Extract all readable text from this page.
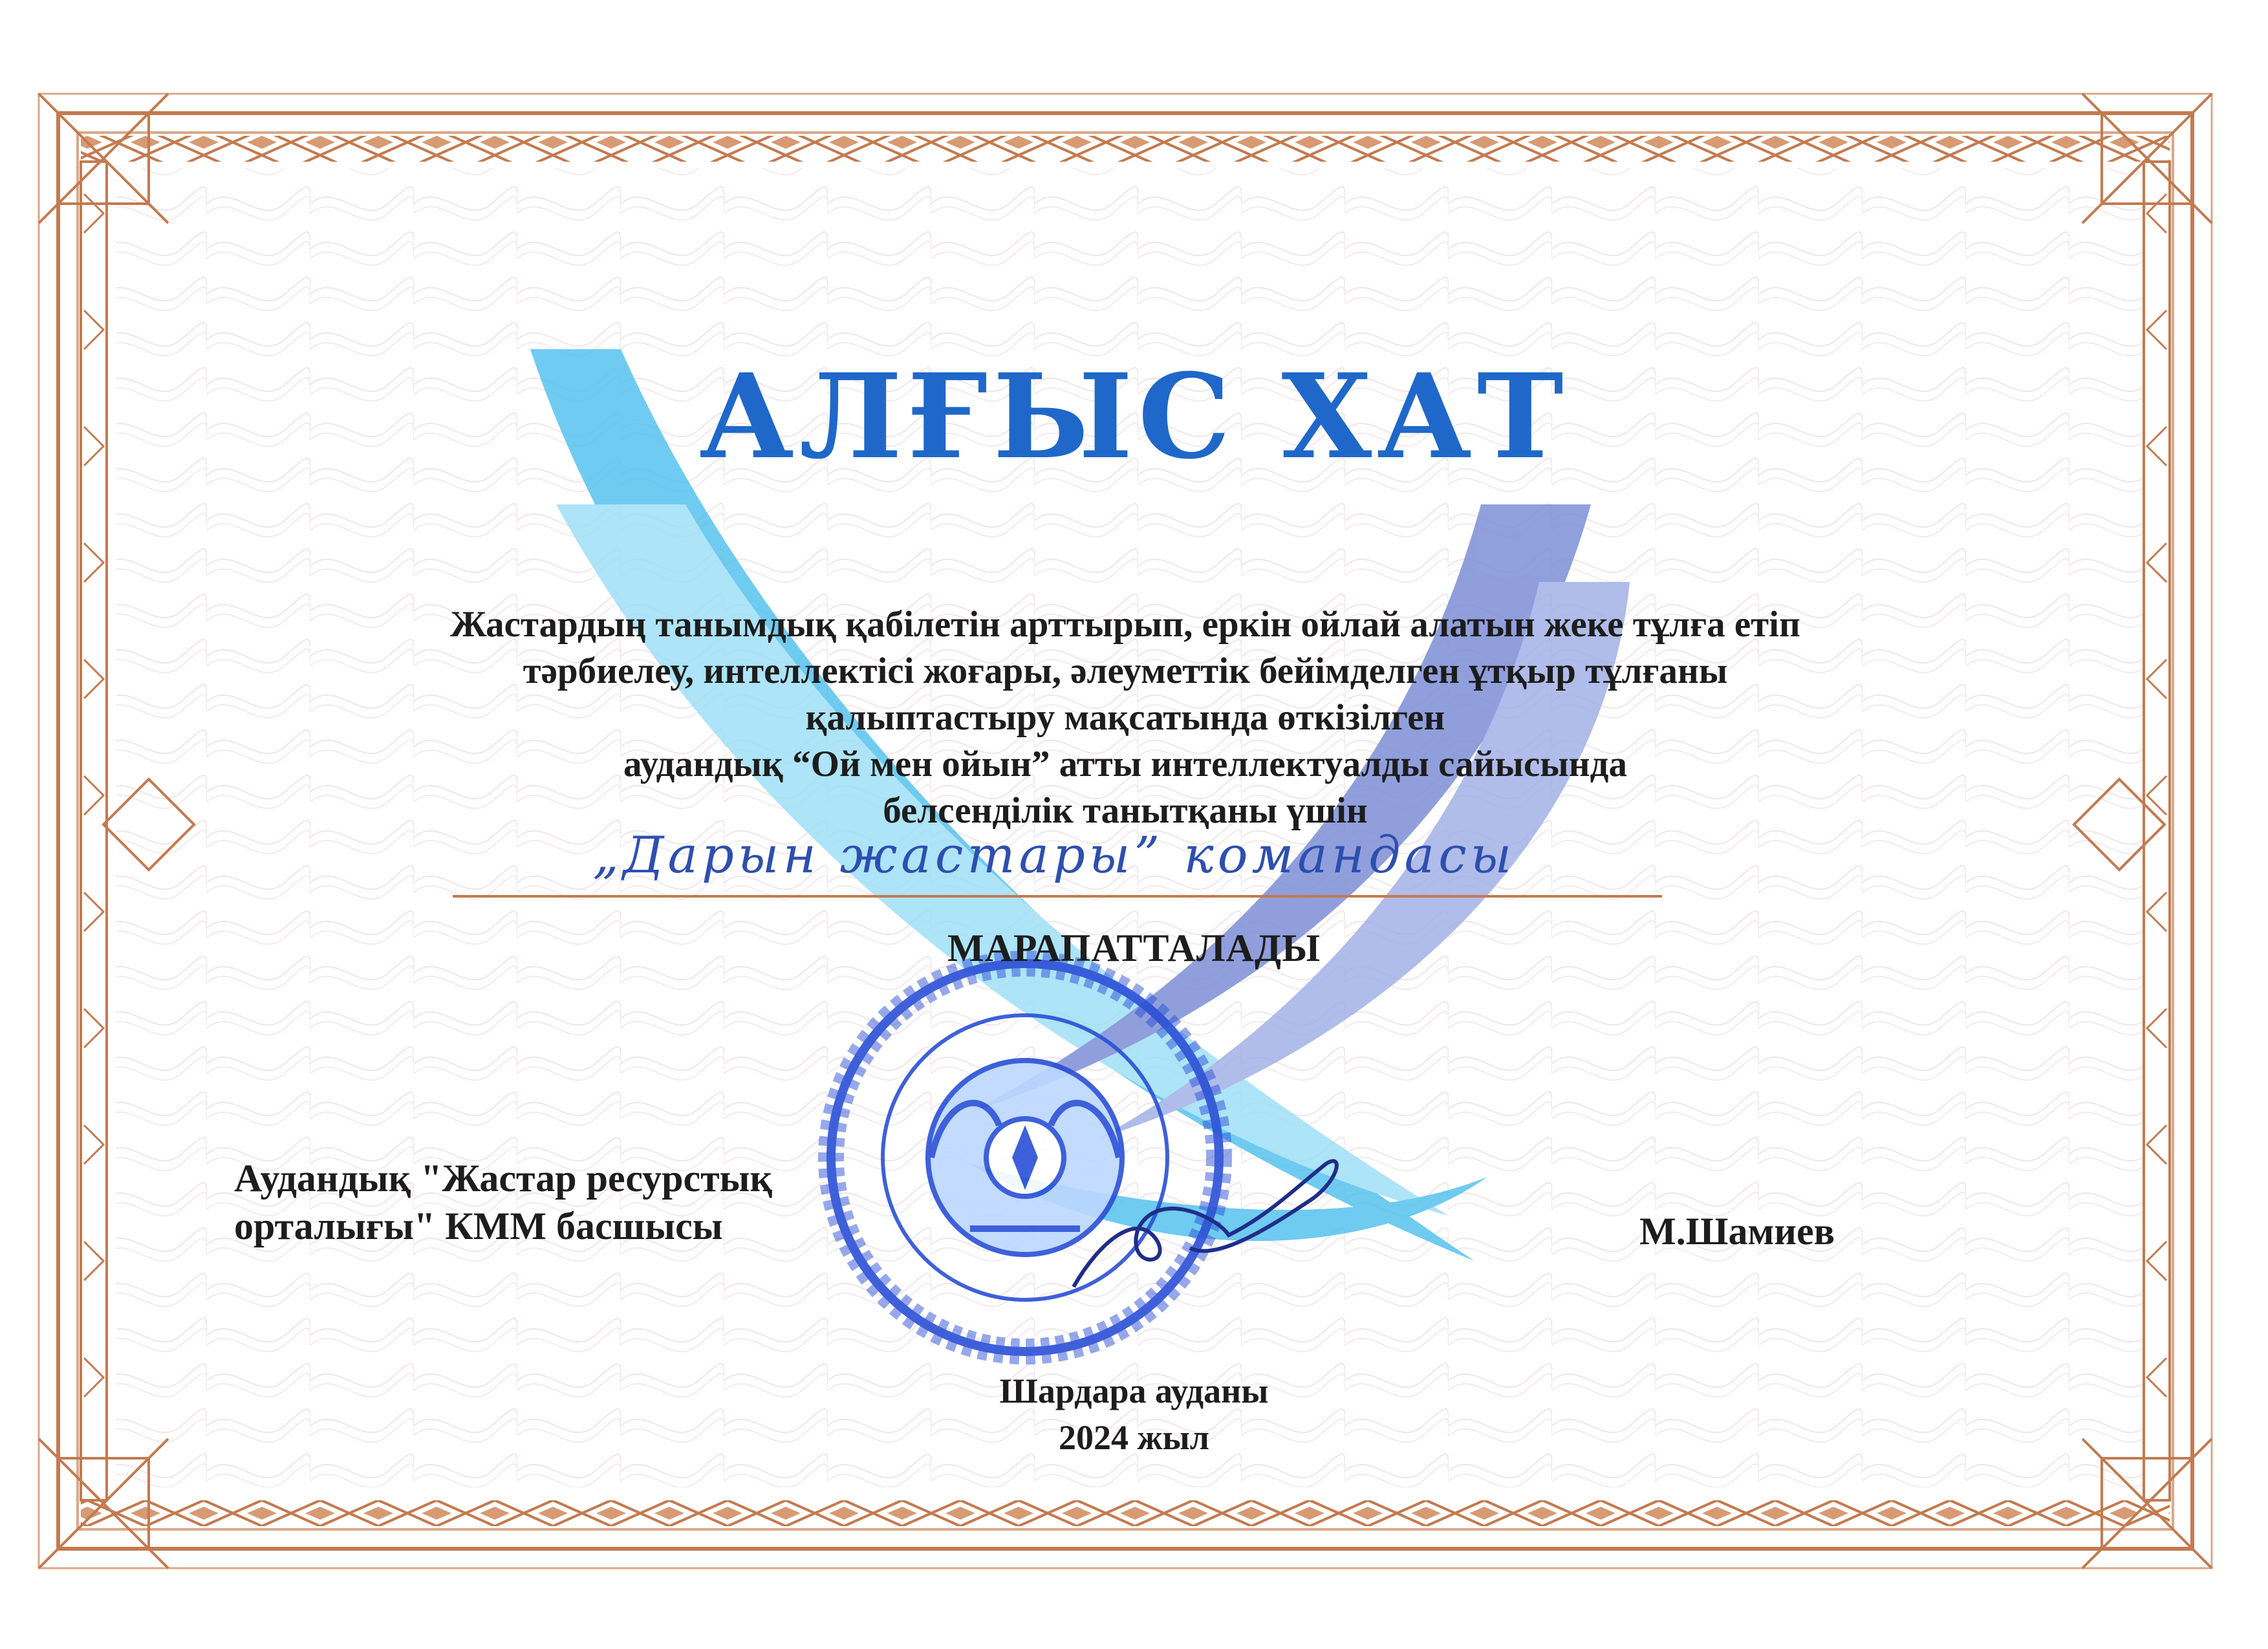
АЛҒЫС ХАТ

Жастардың танымдық қабілетін арттырып, еркін ойлай алатын жеке тұлға етіп
тәрбиелеу, интеллектісі жоғары, әлеуметтік бейімделген ұтқыр тұлғаны
қалыптастыру мақсатында өткізілген
аудандық “Ой мен ойын” атты интеллектуалды сайысында
белсенділік танытқаны үшін

„Дарын жастары” командасы

МАРАПАТТАЛАДЫ

Аудандық "Жастар ресурстық
орталығы" КММ басшысы	М.Шамиев
Шардара ауданы
2024 жыл
